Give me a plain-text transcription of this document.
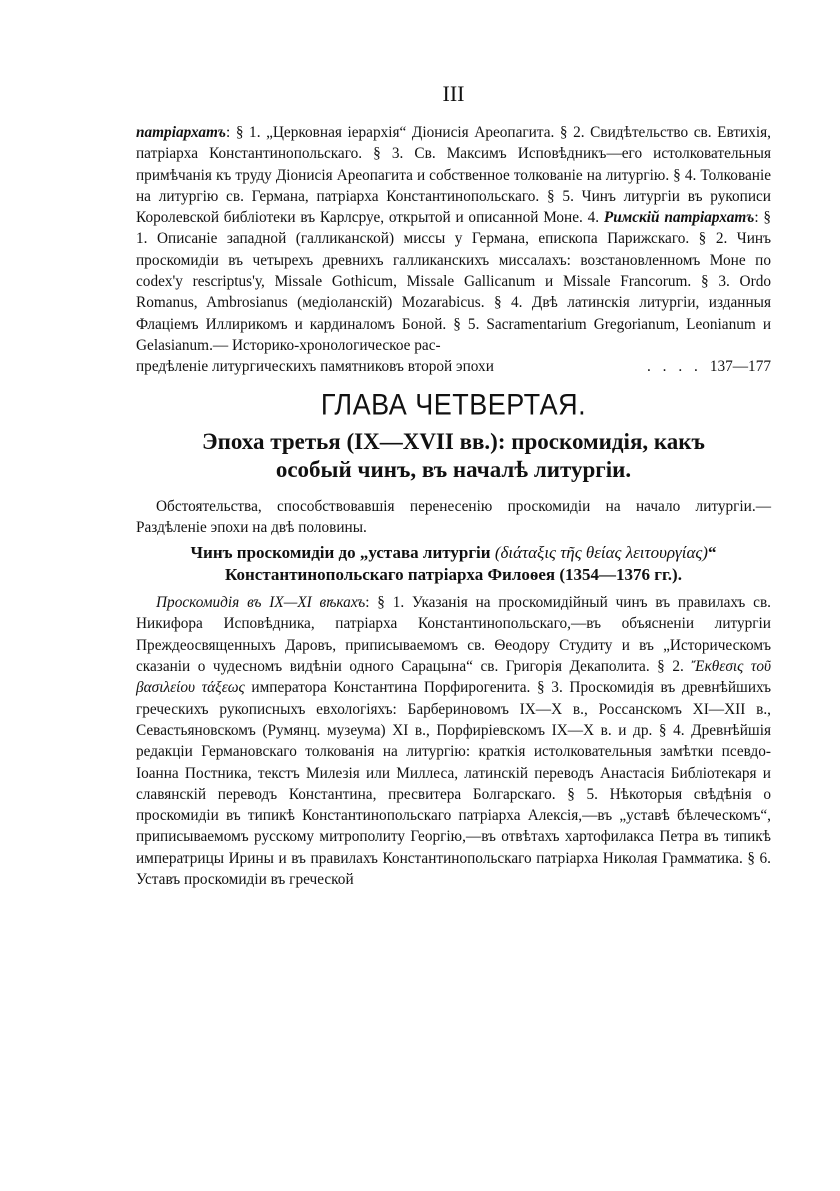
III

патріархатъ: § 1. „Церковная іерархія“ Діонисія Ареопагита. § 2. Свидѣтельство св. Евтихія, патріарха Константинопольскаго. § 3. Св. Максимъ Исповѣдникъ—его истолковательныя примѣчанія къ труду Діонисія Ареопагита и собственное толкованіе на литургію. § 4. Толкованіе на литургію св. Германа, патріарха Константинопольскаго. § 5. Чинъ литургіи въ рукописи Королевской библіотеки въ Карлсруе, открытой и описанной Моне. 4. Римскій патріархатъ: § 1. Описаніе западной (галликанской) миссы у Германа, епископа Парижскаго. § 2. Чинъ проскомидіи въ четырехъ древнихъ галликанскихъ миссалахъ: возстановленномъ Моне по codex'у rescriptus'у, Missale Gothicum, Missale Gallicanum и Missale Francorum. § 3. Ordo Romanus, Ambrosianus (медіоланскій) Mozarabicus. § 4. Двѣ латинскія литургіи, изданныя Флаціемъ Иллирикомъ и кардиналомъ Боной. § 5. Sacramentarium Gregorianum, Leonianum и Gelasianum.— Историко-хронологическое рас-

предѣленіе литургическихъ памятниковъ второй эпохи	. . . . 137—177
ГЛАВА ЧЕТВЕРТАЯ.
Эпоха третья (IX—XVII вв.): проскомидія, какъ
особый чинъ, въ началѣ литургіи.

Обстоятельства, способствовавшія перенесенію проскомидіи на начало литургіи.—Раздѣленіе эпохи на двѣ половины.

Чинъ проскомидіи до „устава литургіи (διάταξις τῆς θείας λειτουργίας)“ Константинопольскаго патріарха Филоѳея (1354—1376 гг.).

Проскомидія въ IX—XI вѣкахъ: § 1. Указанія на проскомидійный чинъ въ правилахъ св. Никифора Исповѣдника, патріарха Константинопольскаго,—въ объясненіи литургіи Преждеосвященныхъ Даровъ, приписываемомъ св. Ѳеодору Студиту и въ „Историческомъ сказаніи о чудесномъ видѣніи одного Сарацына“ св. Григорія Декаполита. § 2. Ἔκθεσις τοῦ βασιλείου τάξεως императора Константина Порфирогенита. § 3. Проскомидія въ древнѣйшихъ греческихъ рукописныхъ евхологіяхъ: Барбериновомъ IX—X в., Россанскомъ XI—XII в., Севастьяновскомъ (Румянц. музеума) XI в., Порфиріевскомъ IX—X в. и др. § 4. Древнѣйшія редакціи Германовскаго толкованія на литургію: краткія истолковательныя замѣтки псевдо-Іоанна Постника, текстъ Милезія или Миллеса, латинскій переводъ Анастасія Библіотекаря и славянскій переводъ Константина, пресвитера Болгарскаго. § 5. Нѣкоторыя свѣдѣнія о проскомидіи въ типикѣ Константинопольскаго патріарха Алексія,—въ „уставѣ бѣлеческомъ“, приписываемомъ русскому митрополиту Георгію,—въ отвѣтахъ хартофилакса Петра въ типикѣ императрицы Ирины и въ правилахъ Константинопольскаго патріарха Николая Грамматика. § 6. Уставъ проскомидіи въ греческой
